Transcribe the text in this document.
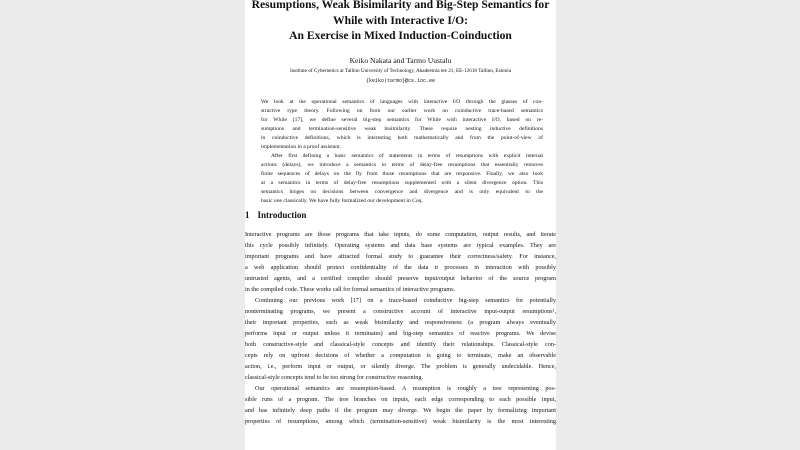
Resumptions, Weak Bisimilarity and Big-Step Semantics for

While with Interactive I/O:

An Exercise in Mixed Induction-Coinduction

Keiko Nakata and Tarmo Uustalu

Institute of Cybernetics at Tallinn University of Technology, Akadeemia tee 21, EE-12618 Tallinn, Estonia

{keiko|tarmo}@cs.ioc.ee

We look at the operational semantics of languages with interactive I/O through the glasses of con-

structive type theory. Following on from our earlier work on coinductive trace-based semantics

for While [17], we define several big-step semantics for While with interactive I/O, based on re-

sumptions and termination-sensitive weak bisimilarity. These require nesting inductive definitions

in coinductive definitions, which is interesting both mathematically and from the point-of-view of

implementation in a proof assistant.

After first defining a basic semantics of statements in terms of resumptions with explicit internal

actions (delays), we introduce a semantics in terms of delay-free resumptions that essentially removes

finite sequences of delays on the fly from those resumptions that are responsive. Finally, we also look

at a semantics in terms of delay-free resumptions supplemented with a silent divergence option. This

semantics hinges on decisions between convergence and divergence and is only equivalent to the

basic one classically. We have fully formalized our development in Coq.

1 Introduction

Interactive programs are those programs that take inputs, do some computation, output results, and iterate

this cycle possibly infinitely. Operating systems and data base systems are typical examples. They are

important programs and have attracted formal study to guarantee their correctness/safety. For instance,

a web application should protect confidentiality of the data it processes in interaction with possibly

untrusted agents, and a certified compiler should preserve input/output behavior of the source program

in the compiled code. These works call for formal semantics of interactive programs.

Continuing our previous work [17] on a trace-based coinductive big-step semantics for potentially

nonterminating programs, we present a constructive account of interactive input-output resumptions¹,

their important properties, such as weak bisimilarity and responsiveness (a program always eventually

performs input or output unless it terminates) and big-step semantics of reactive programs. We devise

both constructive-style and classical-style concepts and identify their relationships. Classical-style con-

cepts rely on upfront decisions of whether a computation is going to terminate, make an observable

action, i.e., perform input or output, or silently diverge. The problem is generally undecidable. Hence,

classical-style concepts tend to be too strong for constructive reasoning.

Our operational semantics are resumption-based. A resumption is roughly a tree representing pos-

sible runs of a program. The tree branches on inputs, each edge corresponding to each possible input,

and has infinitely deep paths if the program may diverge. We begin the paper by formalizing important

properties of resumptions, among which (termination-sensitive) weak bisimilarity is the most interesting
